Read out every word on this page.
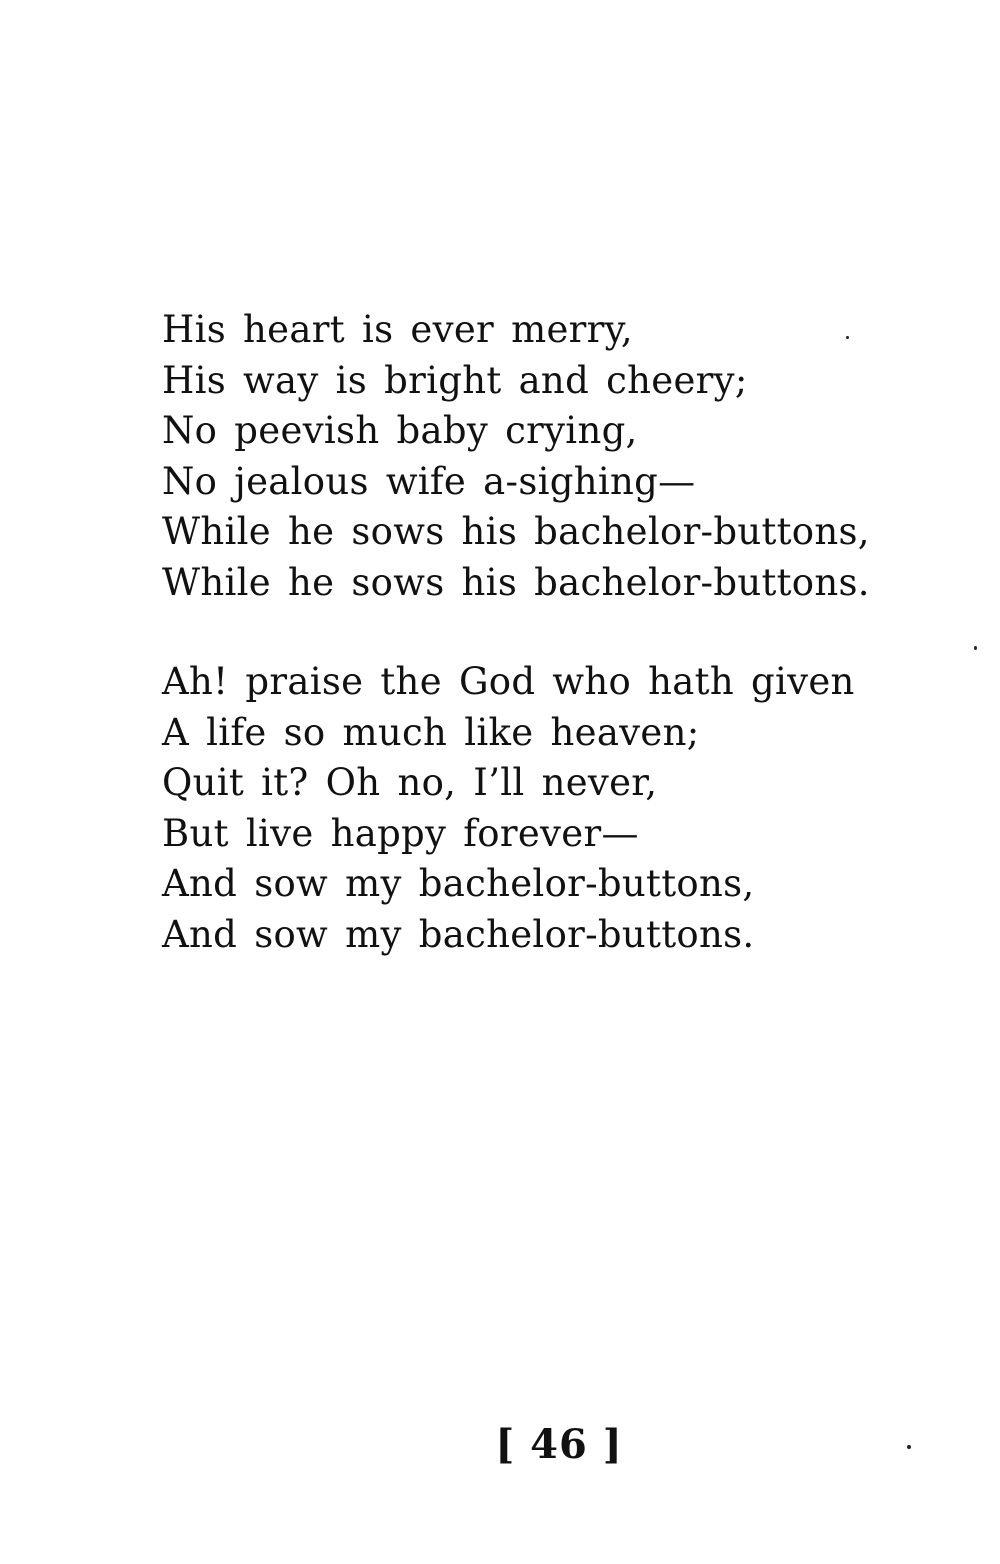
His heart is ever merry,
His way is bright and cheery;
No peevish baby crying,
No jealous wife a-sighing—
While he sows his bachelor-buttons,
While he sows his bachelor-buttons.
Ah! praise the God who hath given
A life so much like heaven;
Quit it? Oh no, I’ll never,
But live happy forever—
And sow my bachelor-buttons,
And sow my bachelor-buttons.
[ 46 ]
